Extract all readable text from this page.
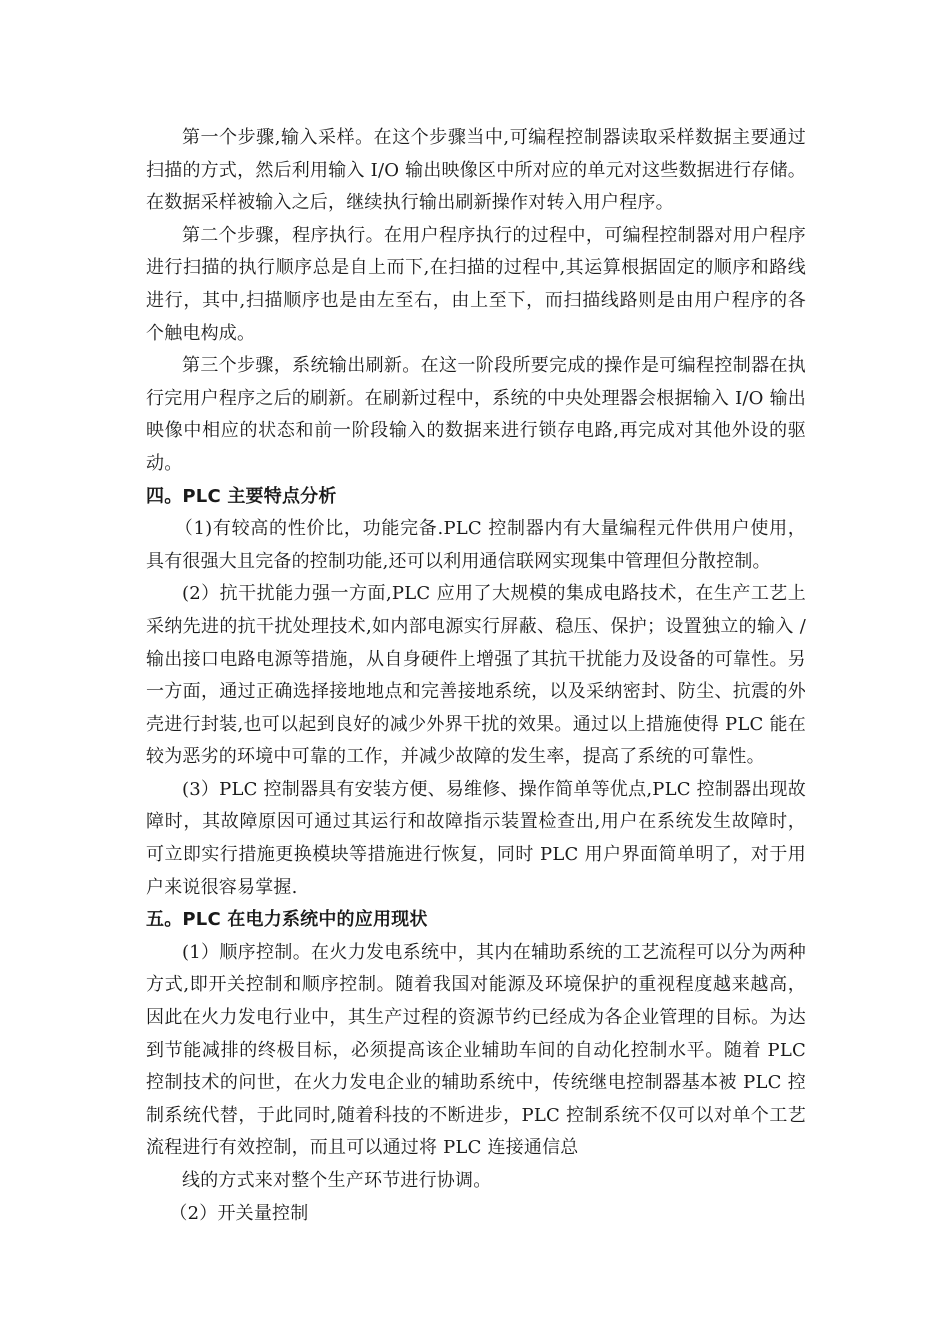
第一个步骤,输入采样。在这个步骤当中,可编程控制器读取采样数据主要通过扫描的方式，然后利用输入 I/O 输出映像区中所对应的单元对这些数据进行存储。在数据采样被输入之后，继续执行输出刷新操作对转入用户程序。

第二个步骤，程序执行。在用户程序执行的过程中，可编程控制器对用户程序进行扫描的执行顺序总是自上而下,在扫描的过程中,其运算根据固定的顺序和路线进行，其中,扫描顺序也是由左至右，由上至下，而扫描线路则是由用户程序的各个触电构成。

第三个步骤，系统输出刷新。在这一阶段所要完成的操作是可编程控制器在执行完用户程序之后的刷新。在刷新过程中，系统的中央处理器会根据输入 I/O 输出映像中相应的状态和前一阶段输入的数据来进行锁存电路,再完成对其他外设的驱动。

四。PLC 主要特点分析

（1)有较高的性价比，功能完备.PLC 控制器内有大量编程元件供用户使用，具有很强大且完备的控制功能,还可以利用通信联网实现集中管理但分散控制。

(2）抗干扰能力强一方面,PLC 应用了大规模的集成电路技术，在生产工艺上采纳先进的抗干扰处理技术,如内部电源实行屏蔽、稳压、保护；设置独立的输入 / 输出接口电路电源等措施，从自身硬件上增强了其抗干扰能力及设备的可靠性。另一方面，通过正确选择接地地点和完善接地系统，以及采纳密封、防尘、抗震的外壳进行封装,也可以起到良好的减少外界干扰的效果。通过以上措施使得 PLC 能在较为恶劣的环境中可靠的工作，并减少故障的发生率，提高了系统的可靠性。

(3）PLC 控制器具有安装方便、易维修、操作简单等优点,PLC 控制器出现故障时，其故障原因可通过其运行和故障指示装置检查出,用户在系统发生故障时，可立即实行措施更换模块等措施进行恢复，同时 PLC 用户界面简单明了，对于用户来说很容易掌握.

五。PLC 在电力系统中的应用现状

(1）顺序控制。在火力发电系统中，其内在辅助系统的工艺流程可以分为两种方式,即开关控制和顺序控制。随着我国对能源及环境保护的重视程度越来越高，因此在火力发电行业中，其生产过程的资源节约已经成为各企业管理的目标。为达到节能减排的终极目标，必须提高该企业辅助车间的自动化控制水平。随着 PLC 控制技术的问世，在火力发电企业的辅助系统中，传统继电控制器基本被 PLC 控制系统代替，于此同时,随着科技的不断进步，PLC 控制系统不仅可以对单个工艺流程进行有效控制，而且可以通过将 PLC 连接通信总

线的方式来对整个生产环节进行协调。

（2）开关量控制
